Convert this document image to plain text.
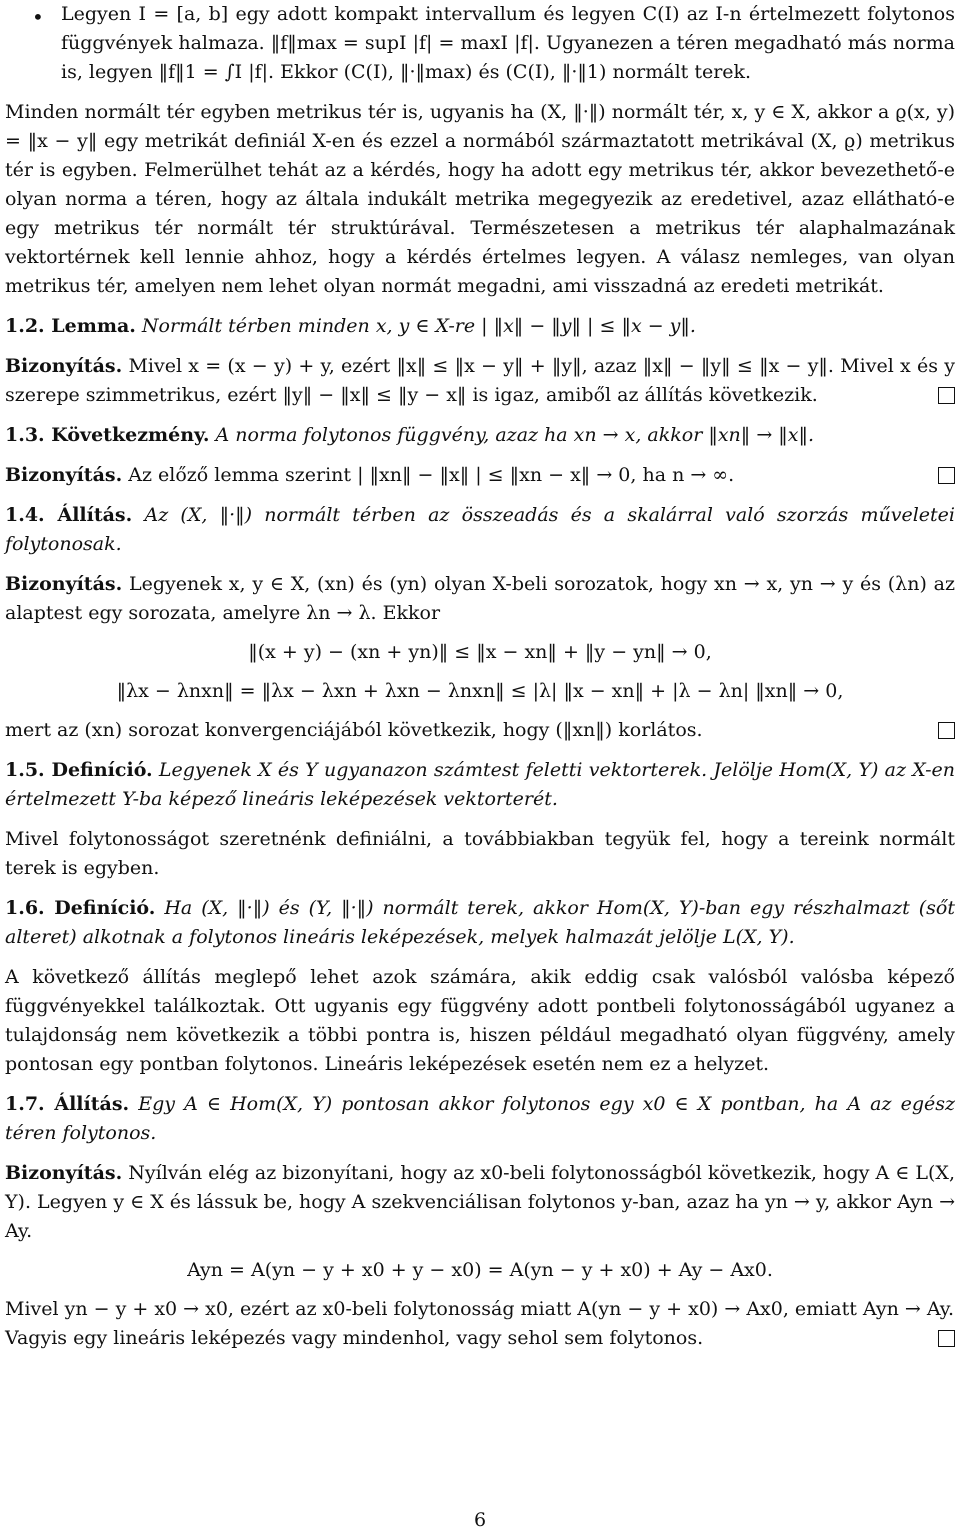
• Legyen I = [a, b] egy adott kompakt intervallum és legyen C(I) az I-n értelmezett folytonos függvények halmaza. ‖f‖max = supI |f| = maxI |f|. Ugyanezen a téren megadható más norma is, legyen ‖f‖1 = ∫I |f|. Ekkor (C(I), ‖·‖max) és (C(I), ‖·‖1) normált terek.

Minden normált tér egyben metrikus tér is, ugyanis ha (X, ‖·‖) normált tér, x, y ∈ X, akkor a ϱ(x, y) = ‖x − y‖ egy metrikát definiál X-en és ezzel a normából származtatott metrikával (X, ϱ) metrikus tér is egyben. Felmerülhet tehát az a kérdés, hogy ha adott egy metrikus tér, akkor bevezethető-e olyan norma a téren, hogy az általa indukált metrika megegyezik az eredetivel, azaz ellátható-e egy metrikus tér normált tér struktúrával. Természetesen a metrikus tér alaphalmazának vektortérnek kell lennie ahhoz, hogy a kérdés értelmes legyen. A válasz nemleges, van olyan metrikus tér, amelyen nem lehet olyan normát megadni, ami visszadná az eredeti metrikát.

1.2. Lemma. Normált térben minden x, y ∈ X-re | ‖x‖ − ‖y‖ | ≤ ‖x − y‖.

Bizonyítás. Mivel x = (x − y) + y, ezért ‖x‖ ≤ ‖x − y‖ + ‖y‖, azaz ‖x‖ − ‖y‖ ≤ ‖x − y‖. Mivel x és y szerepe szimmetrikus, ezért ‖y‖ − ‖x‖ ≤ ‖y − x‖ is igaz, amiből az állítás következik.

1.3. Következmény. A norma folytonos függvény, azaz ha xn → x, akkor ‖xn‖ → ‖x‖.

Bizonyítás. Az előző lemma szerint | ‖xn‖ − ‖x‖ | ≤ ‖xn − x‖ → 0, ha n → ∞.

1.4. Állítás. Az (X, ‖·‖) normált térben az összeadás és a skalárral való szorzás műveletei folytonosak.

Bizonyítás. Legyenek x, y ∈ X, (xn) és (yn) olyan X-beli sorozatok, hogy xn → x, yn → y és (λn) az alaptest egy sorozata, amelyre λn → λ. Ekkor

‖(x + y) − (xn + yn)‖ ≤ ‖x − xn‖ + ‖y − yn‖ → 0,

‖λx − λnxn‖ = ‖λx − λxn + λxn − λnxn‖ ≤ |λ| ‖x − xn‖ + |λ − λn| ‖xn‖ → 0,

mert az (xn) sorozat konvergenciájából következik, hogy (‖xn‖) korlátos.

1.5. Definíció. Legyenek X és Y ugyanazon számtest feletti vektorterek. Jelölje Hom(X, Y) az X-en értelmezett Y-ba képező lineáris leképezések vektorterét.

Mivel folytonosságot szeretnénk definiálni, a továbbiakban tegyük fel, hogy a tereink normált terek is egyben.

1.6. Definíció. Ha (X, ‖·‖) és (Y, ‖·‖) normált terek, akkor Hom(X, Y)-ban egy részhalmazt (sőt alteret) alkotnak a folytonos lineáris leképezések, melyek halmazát jelölje L(X, Y).

A következő állítás meglepő lehet azok számára, akik eddig csak valósból valósba képező függvényekkel találkoztak. Ott ugyanis egy függvény adott pontbeli folytonosságából ugyanez a tulajdonság nem következik a többi pontra is, hiszen például megadható olyan függvény, amely pontosan egy pontban folytonos. Lineáris leképezések esetén nem ez a helyzet.

1.7. Állítás. Egy A ∈ Hom(X, Y) pontosan akkor folytonos egy x0 ∈ X pontban, ha A az egész téren folytonos.

Bizonyítás. Nyílván elég az bizonyítani, hogy az x0-beli folytonosságból következik, hogy A ∈ L(X, Y). Legyen y ∈ X és lássuk be, hogy A szekvenciálisan folytonos y-ban, azaz ha yn → y, akkor Ayn → Ay.

Ayn = A(yn − y + x0 + y − x0) = A(yn − y + x0) + Ay − Ax0.

Mivel yn − y + x0 → x0, ezért az x0-beli folytonosság miatt A(yn − y + x0) → Ax0, emiatt Ayn → Ay.

Vagyis egy lineáris leképezés vagy mindenhol, vagy sehol sem folytonos.

6
